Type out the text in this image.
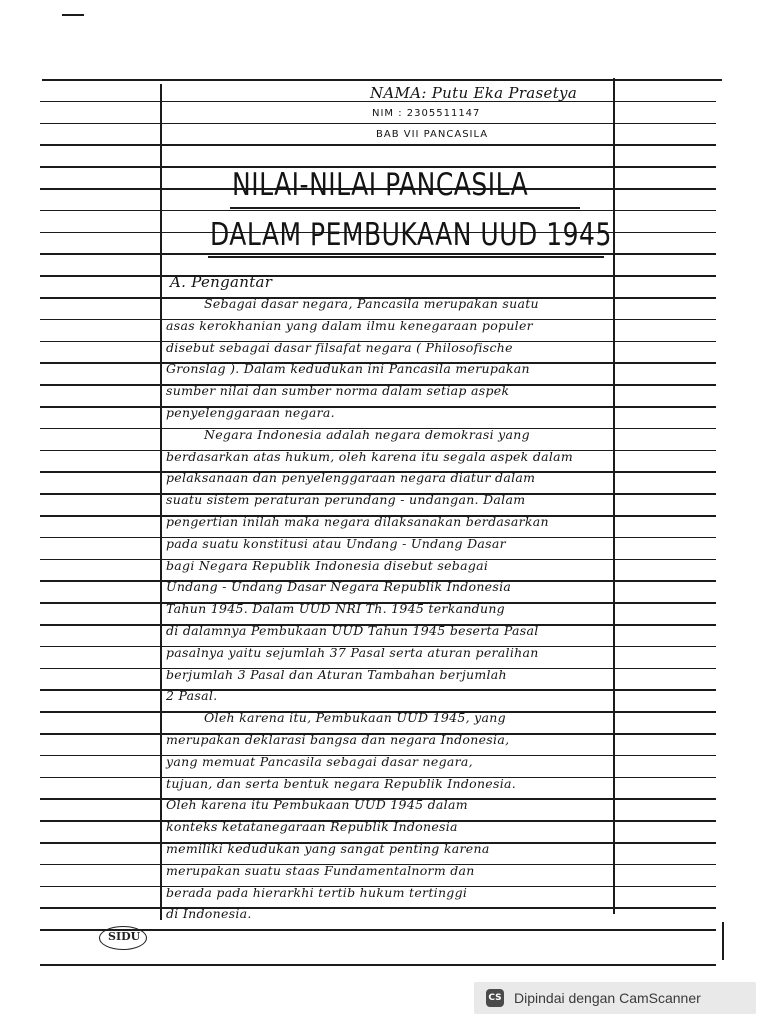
NAMA: Putu Eka Prasetya
NIM : 2305511147
BAB VII PANCASILA
NILAI-NILAI PANCASILA
DALAM PEMBUKAAN UUD 1945
A. Pengantar
Sebagai dasar negara, Pancasila merupakan suatu
asas kerokhanian yang dalam ilmu kenegaraan populer
disebut sebagai dasar filsafat negara ( Philosofische
Gronslag ). Dalam kedudukan ini Pancasila merupakan
sumber nilai dan sumber norma dalam setiap aspek
penyelenggaraan negara.
Negara Indonesia adalah negara demokrasi yang
berdasarkan atas hukum, oleh karena itu segala aspek dalam
pelaksanaan dan penyelenggaraan negara diatur dalam
suatu sistem peraturan perundang - undangan. Dalam
pengertian inilah maka negara dilaksanakan berdasarkan
pada suatu konstitusi atau Undang - Undang Dasar
bagi Negara Republik Indonesia disebut sebagai
Undang - Undang Dasar Negara Republik Indonesia
Tahun 1945. Dalam UUD NRI Th. 1945 terkandung
di dalamnya Pembukaan UUD Tahun 1945 beserta Pasal
pasalnya yaitu sejumlah 37 Pasal serta aturan peralihan
berjumlah 3 Pasal dan Aturan Tambahan berjumlah
2 Pasal.
Oleh karena itu, Pembukaan UUD 1945, yang
merupakan deklarasi bangsa dan negara Indonesia,
yang memuat Pancasila sebagai dasar negara,
tujuan, dan serta bentuk negara Republik Indonesia.
Oleh karena itu Pembukaan UUD 1945 dalam
konteks ketatanegaraan Republik Indonesia
memiliki kedudukan yang sangat penting karena
merupakan suatu staas Fundamentalnorm dan
berada pada hierarkhi tertib hukum tertinggi
di Indonesia.
SIDU
CS Dipindai dengan CamScanner
